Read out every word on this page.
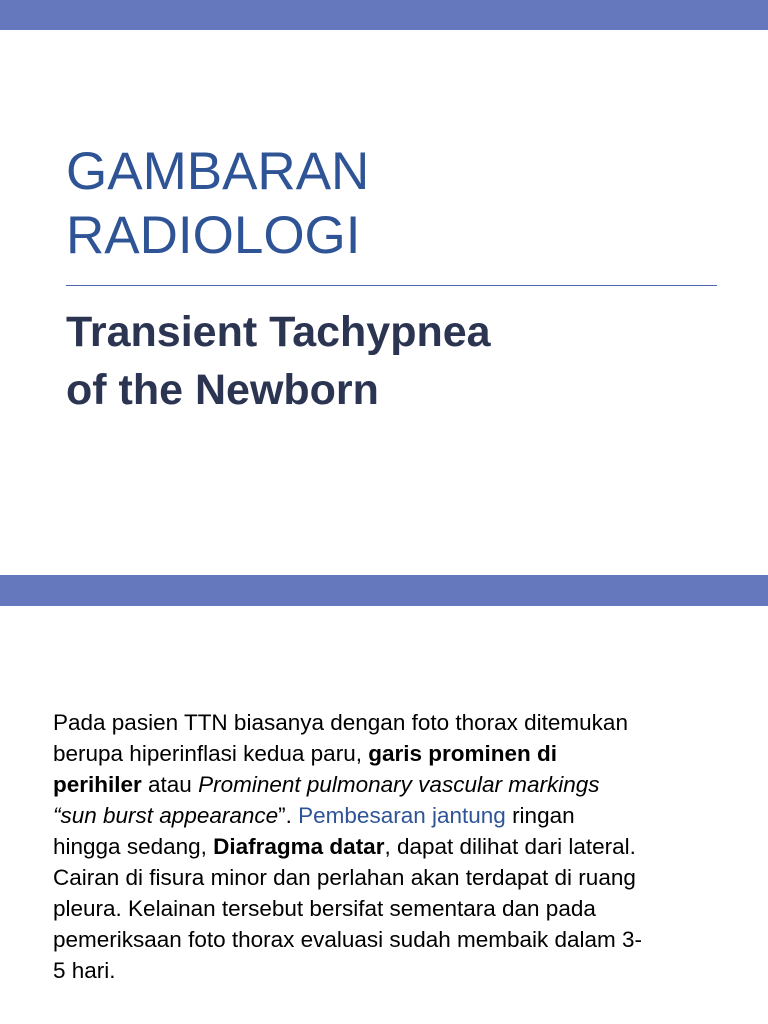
GAMBARAN
RADIOLOGI
Transient Tachypnea
of the Newborn
Pada pasien TTN biasanya dengan foto thorax ditemukan
berupa hiperinflasi kedua paru, garis prominen di
perihiler atau Prominent pulmonary vascular markings
“sun burst appearance”. Pembesaran jantung ringan
hingga sedang, Diafragma datar, dapat dilihat dari lateral.
Cairan di fisura minor dan perlahan akan terdapat di ruang
pleura. Kelainan tersebut bersifat sementara dan pada
pemeriksaan foto thorax evaluasi sudah membaik dalam 3-
5 hari.
